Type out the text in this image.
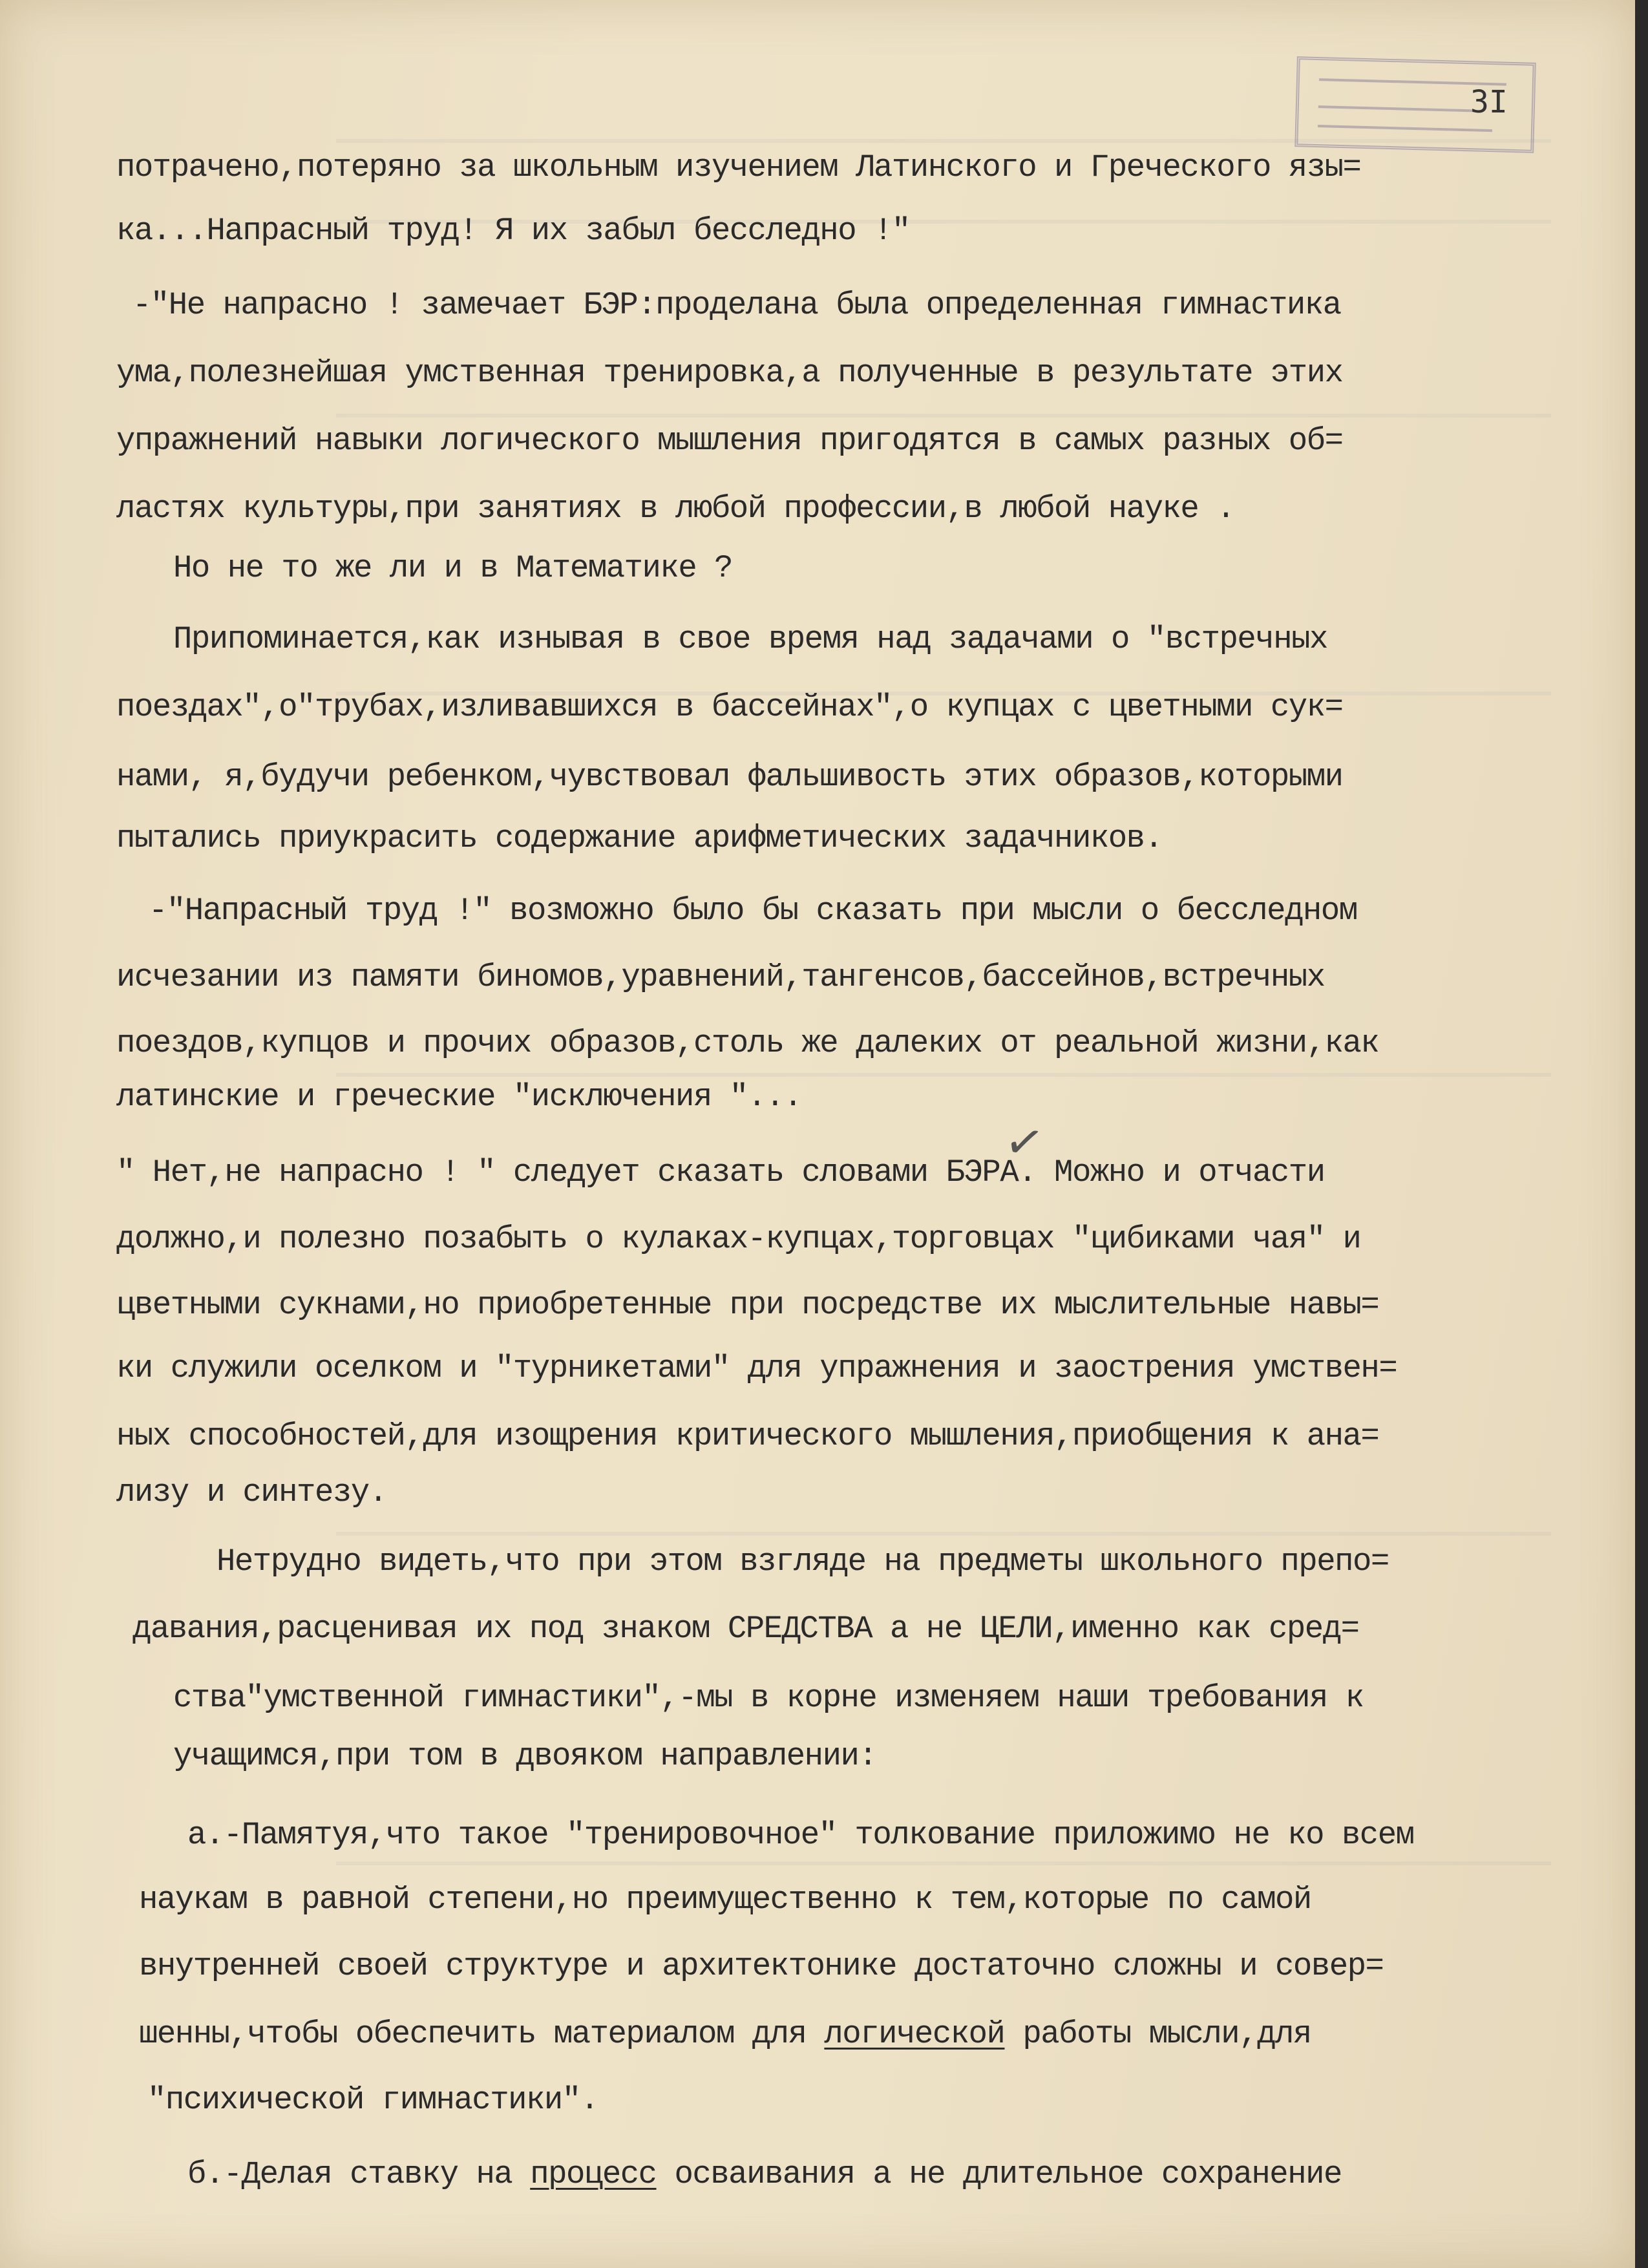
3I
✓
потрачено,потеряно за школьным изучением Латинского и Греческого язы=
ка...Напрасный труд! Я их забыл бесследно !"
-"Не напрасно ! замечает БЭР:проделана была определенная гимнастика
ума,полезнейшая умственная тренировка,а полученные в результате этих
упражнений навыки логического мышления пригодятся в самых разных об=
ластях культуры,при занятиях в любой профессии,в любой науке .
Но не то же ли и в Математике ?
Припоминается,как изнывая в свое время над задачами о "встречных
поездах",о"трубах,изливавшихся в бассейнах",о купцах с цветными сук=
нами, я,будучи ребенком,чувствовал фальшивость этих образов,которыми
пытались приукрасить содержание арифметических задачников.
-"Напрасный труд !" возможно было бы сказать при мысли о бесследном
исчезании из памяти биномов,уравнений,тангенсов,бассейнов,встречных
поездов,купцов и прочих образов,столь же далеких от реальной жизни,как
латинские и греческие "исключения "...
" Нет,не напрасно ! " следует сказать словами БЭРА. Можно и отчасти
должно,и полезно позабыть о кулаках-купцах,торговцах "цибиками чая" и
цветными сукнами,но приобретенные при посредстве их мыслительные навы=
ки служили оселком и "турникетами" для упражнения и заострения умствен=
ных способностей,для изощрения критического мышления,приобщения к ана=
лизу и синтезу.
Нетрудно видеть,что при этом взгляде на предметы школьного препо=
давания,расценивая их под знаком СРЕДСТВА а не ЦЕЛИ,именно как сред=
ства"умственной гимнастики",-мы в корне изменяем наши требования к
учащимся,при том в двояком направлении:
а.-Памятуя,что такое "тренировочное" толкование приложимо не ко всем
наукам в равной степени,но преимущественно к тем,которые по самой
внутренней своей структуре и архитектонике достаточно сложны и совер=
шенны,чтобы обеспечить материалом для логической работы мысли,для
"психической гимнастики".
б.-Делая ставку на процесс осваивания а не длительное сохранение
